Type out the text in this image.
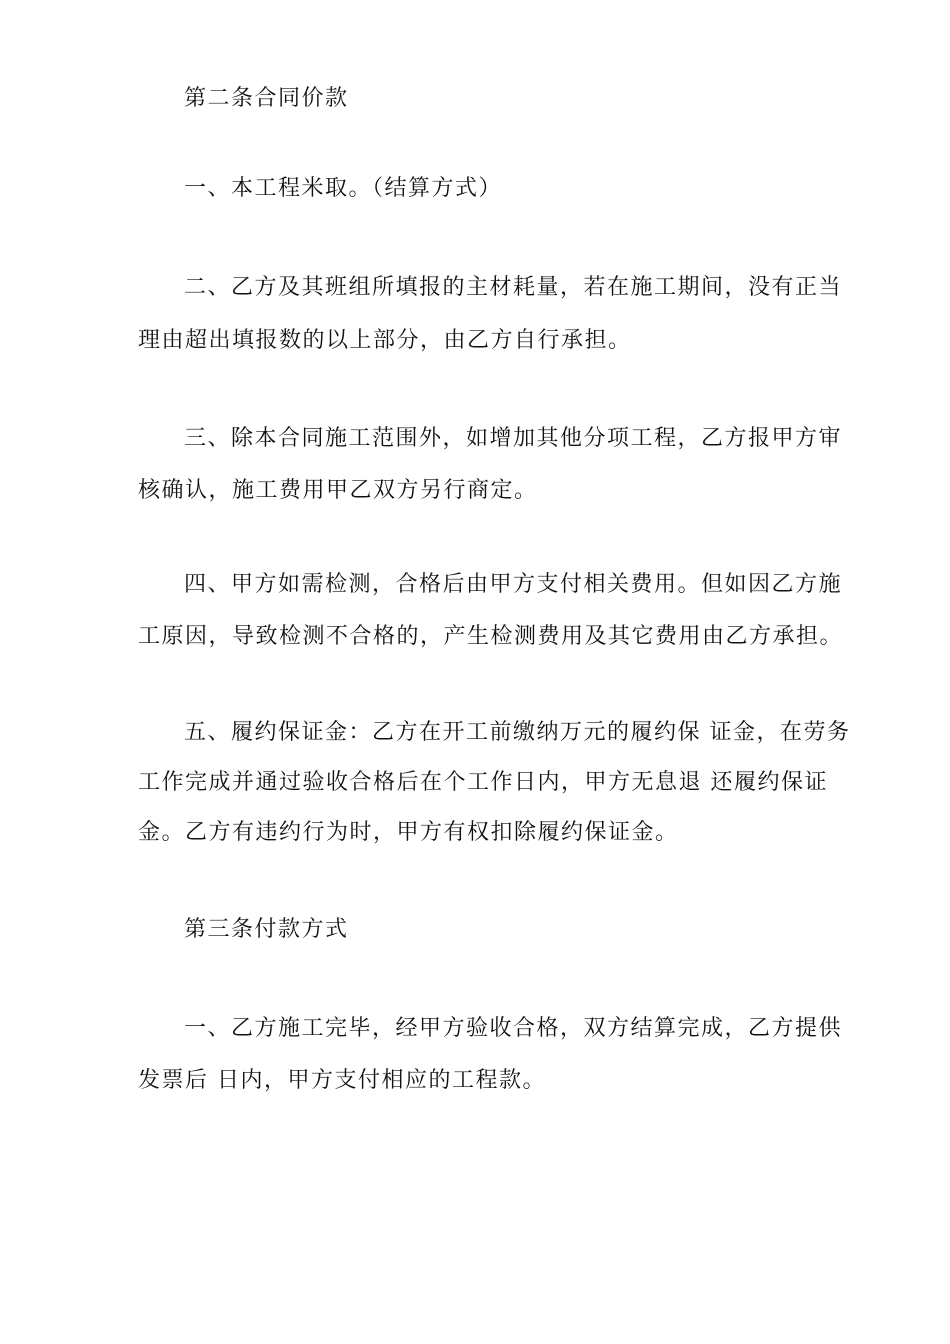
第二条合同价款
一、本工程米取。（结算方式）
二、乙方及其班组所填报的主材耗量，若在施工期间，没有正当
理由超出填报数的以上部分，由乙方自行承担。
三、除本合同施工范围外，如增加其他分项工程，乙方报甲方审
核确认，施工费用甲乙双方另行商定。
四、甲方如需检测，合格后由甲方支付相关费用。但如因乙方施
工原因，导致检测不合格的，产生检测费用及其它费用由乙方承担。
五、履约保证金：乙方在开工前缴纳万元的履约保 证金，在劳务
工作完成并通过验收合格后在个工作日内，甲方无息退 还履约保证
金。乙方有违约行为时，甲方有权扣除履约保证金。
第三条付款方式
一、乙方施工完毕，经甲方验收合格，双方结算完成，乙方提供
发票后 日内，甲方支付相应的工程款。
